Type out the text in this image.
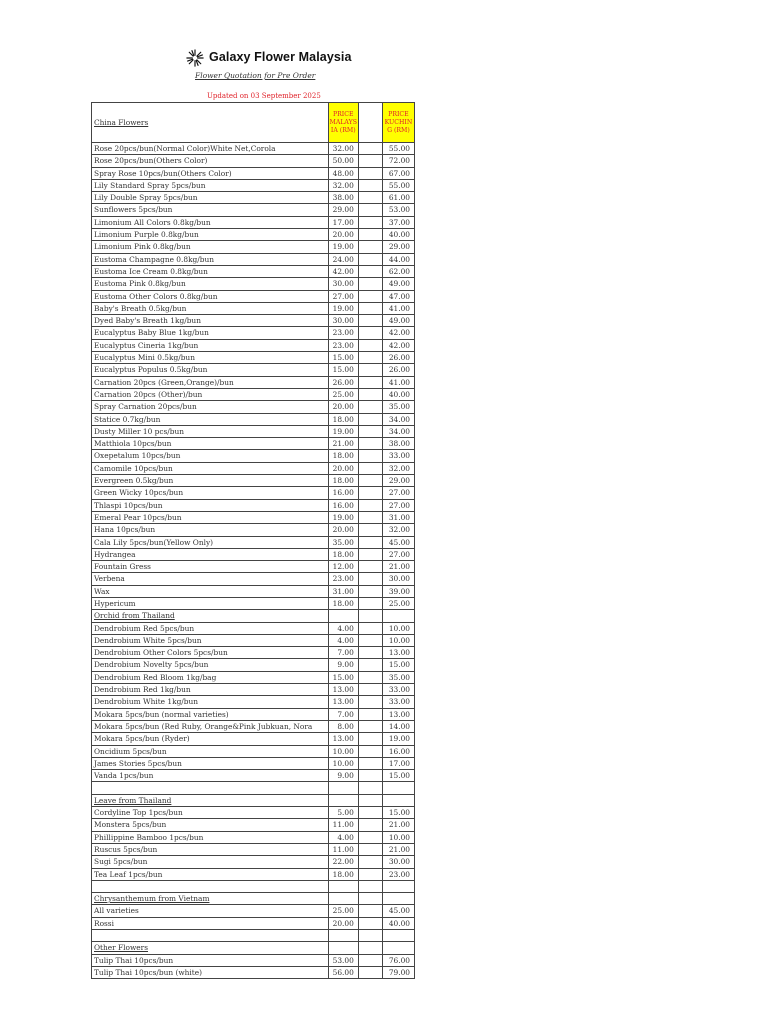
Galaxy Flower Malaysia
Flower Quotation for Pre Order
Updated on 03 September 2025
China Flowers	PRICE MALAYS IA (RM)		PRICE KUCHIN G (RM)
Rose 20pcs/bun(Normal Color)White Net,Corola	32.00		55.00
Rose 20pcs/bun(Others Color)	50.00		72.00
Spray Rose 10pcs/bun(Others Color)	48.00		67.00
Lily Standard Spray 5pcs/bun	32.00		55.00
Lily Double Spray 5pcs/bun	38.00		61.00
Sunflowers 5pcs/bun	29.00		53.00
Limonium All Colors 0.8kg/bun	17.00		37.00
Limonium Purple 0.8kg/bun	20.00		40.00
Limonium Pink 0.8kg/bun	19.00		29.00
Eustoma Champagne 0.8kg/bun	24.00		44.00
Eustoma Ice Cream 0.8kg/bun	42.00		62.00
Eustoma Pink 0.8kg/bun	30.00		49.00
Eustoma Other Colors 0.8kg/bun	27.00		47.00
Baby's Breath 0.5kg/bun	19.00		41.00
Dyed Baby's Breath 1kg/bun	30.00		49.00
Eucalyptus Baby Blue 1kg/bun	23.00		42.00
Eucalyptus Cineria 1kg/bun	23.00		42.00
Eucalyptus Mini 0.5kg/bun	15.00		26.00
Eucalyptus Populus 0.5kg/bun	15.00		26.00
Carnation 20pcs (Green,Orange)/bun	26.00		41.00
Carnation 20pcs (Other)/bun	25.00		40.00
Spray Carnation 20pcs/bun	20.00		35.00
Statice 0.7kg/bun	18.00		34.00
Dusty Miller 10 pcs/bun	19.00		34.00
Matthiola 10pcs/bun	21.00		38.00
Oxepetalum 10pcs/bun	18.00		33.00
Camomile 10pcs/bun	20.00		32.00
Evergreen 0.5kg/bun	18.00		29.00
Green Wicky 10pcs/bun	16.00		27.00
Thlaspi 10pcs/bun	16.00		27.00
Emeral Pear 10pcs/bun	19.00		31.00
Hana 10pcs/bun	20.00		32.00
Cala Lily 5pcs/bun(Yellow Only)	35.00		45.00
Hydrangea	18.00		27.00
Fountain Gress	12.00		21.00
Verbena	23.00		30.00
Wax	31.00		39.00
Hypericum	18.00		25.00
Orchid from Thailand			
Dendrobium Red 5pcs/bun	4.00		10.00
Dendrobium White 5pcs/bun	4.00		10.00
Dendrobium Other Colors 5pcs/bun	7.00		13.00
Dendrobium Novelty 5pcs/bun	9.00		15.00
Dendrobium Red Bloom 1kg/bag	15.00		35.00
Dendrobium Red 1kg/bun	13.00		33.00
Dendrobium White 1kg/bun	13.00		33.00
Mokara 5pcs/bun (normal varieties)	7.00		13.00
Mokara 5pcs/bun (Red Ruby, Orange&Pink Jubkuan, Nora	8.00		14.00
Mokara 5pcs/bun (Ryder)	13.00		19.00
Oncidium 5pcs/bun	10.00		16.00
James Stories 5pcs/bun	10.00		17.00
Vanda 1pcs/bun	9.00		15.00

Leave from Thailand			
Cordyline Top 1pcs/bun	5.00		15.00
Monstera 5pcs/bun	11.00		21.00
Phillippine Bamboo 1pcs/bun	4.00		10.00
Ruscus 5pcs/bun	11.00		21.00
Sugi 5pcs/bun	22.00		30.00
Tea Leaf 1pcs/bun	18.00		23.00

Chrysanthemum from Vietnam			
All varieties	25.00		45.00
Rossi	20.00		40.00

Other Flowers			
Tulip Thai 10pcs/bun	53.00		76.00
Tulip Thai 10pcs/bun (white)	56.00		79.00
